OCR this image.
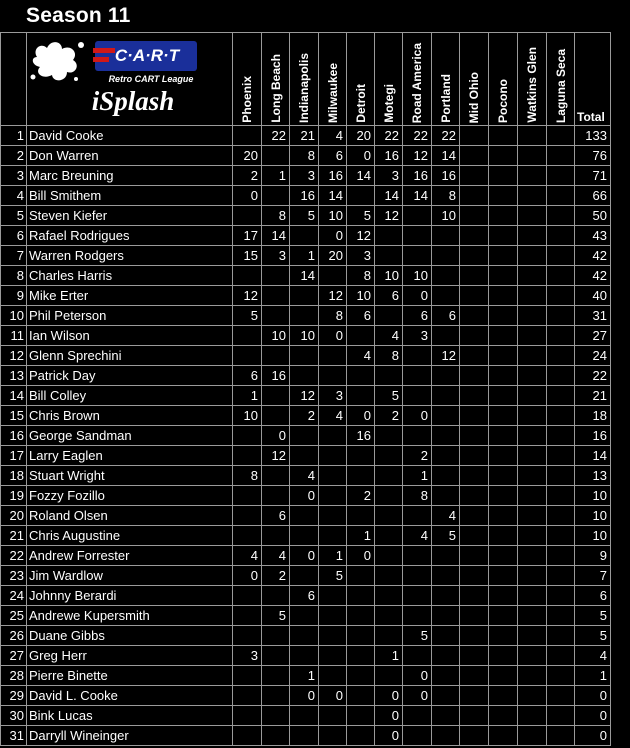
Season 11

C·A·R·T
Retro CART League
iSplash	Phoenix	Long Beach	Indianapolis	Milwaukee	Detroit	Motegi	Road America	Portland	Mid Ohio	Pocono	Watkins Glen	Laguna Seca	Total

1	David Cooke		22	21	4	20	22	22	22					133
2	Don Warren	20		8	6	0	16	12	14					76
3	Marc Breuning	2	1	3	16	14	3	16	16					71
4	Bill Smithem	0		16	14		14	14	8					66
5	Steven Kiefer		8	5	10	5	12		10					50
6	Rafael Rodrigues	17	14		0	12								43
7	Warren Rodgers	15	3	1	20	3								42
8	Charles Harris			14		8	10	10						42
9	Mike Erter	12			12	10	6	0						40
10	Phil Peterson	5			8	6		6	6					31
11	Ian Wilson		10	10	0		4	3						27
12	Glenn Sprechini					4	8		12					24
13	Patrick Day	6	16											22
14	Bill Colley	1		12	3		5							21
15	Chris Brown	10		2	4	0	2	0						18
16	George Sandman		0			16								16
17	Larry Eaglen		12					2						14
18	Stuart Wright	8		4				1						13
19	Fozzy Fozillo			0		2		8						10
20	Roland Olsen		6						4					10
21	Chris Augustine					1		4	5					10
22	Andrew Forrester	4	4	0	1	0								9
23	Jim Wardlow	0	2		5									7
24	Johnny Berardi			6										6
25	Andrewe Kupersmith		5											5
26	Duane Gibbs							5						5
27	Greg Herr	3					1							4
28	Pierre Binette			1				0						1
29	David L. Cooke			0	0		0	0						0
30	Bink Lucas						0							0
31	Darryll Wineinger						0							0
